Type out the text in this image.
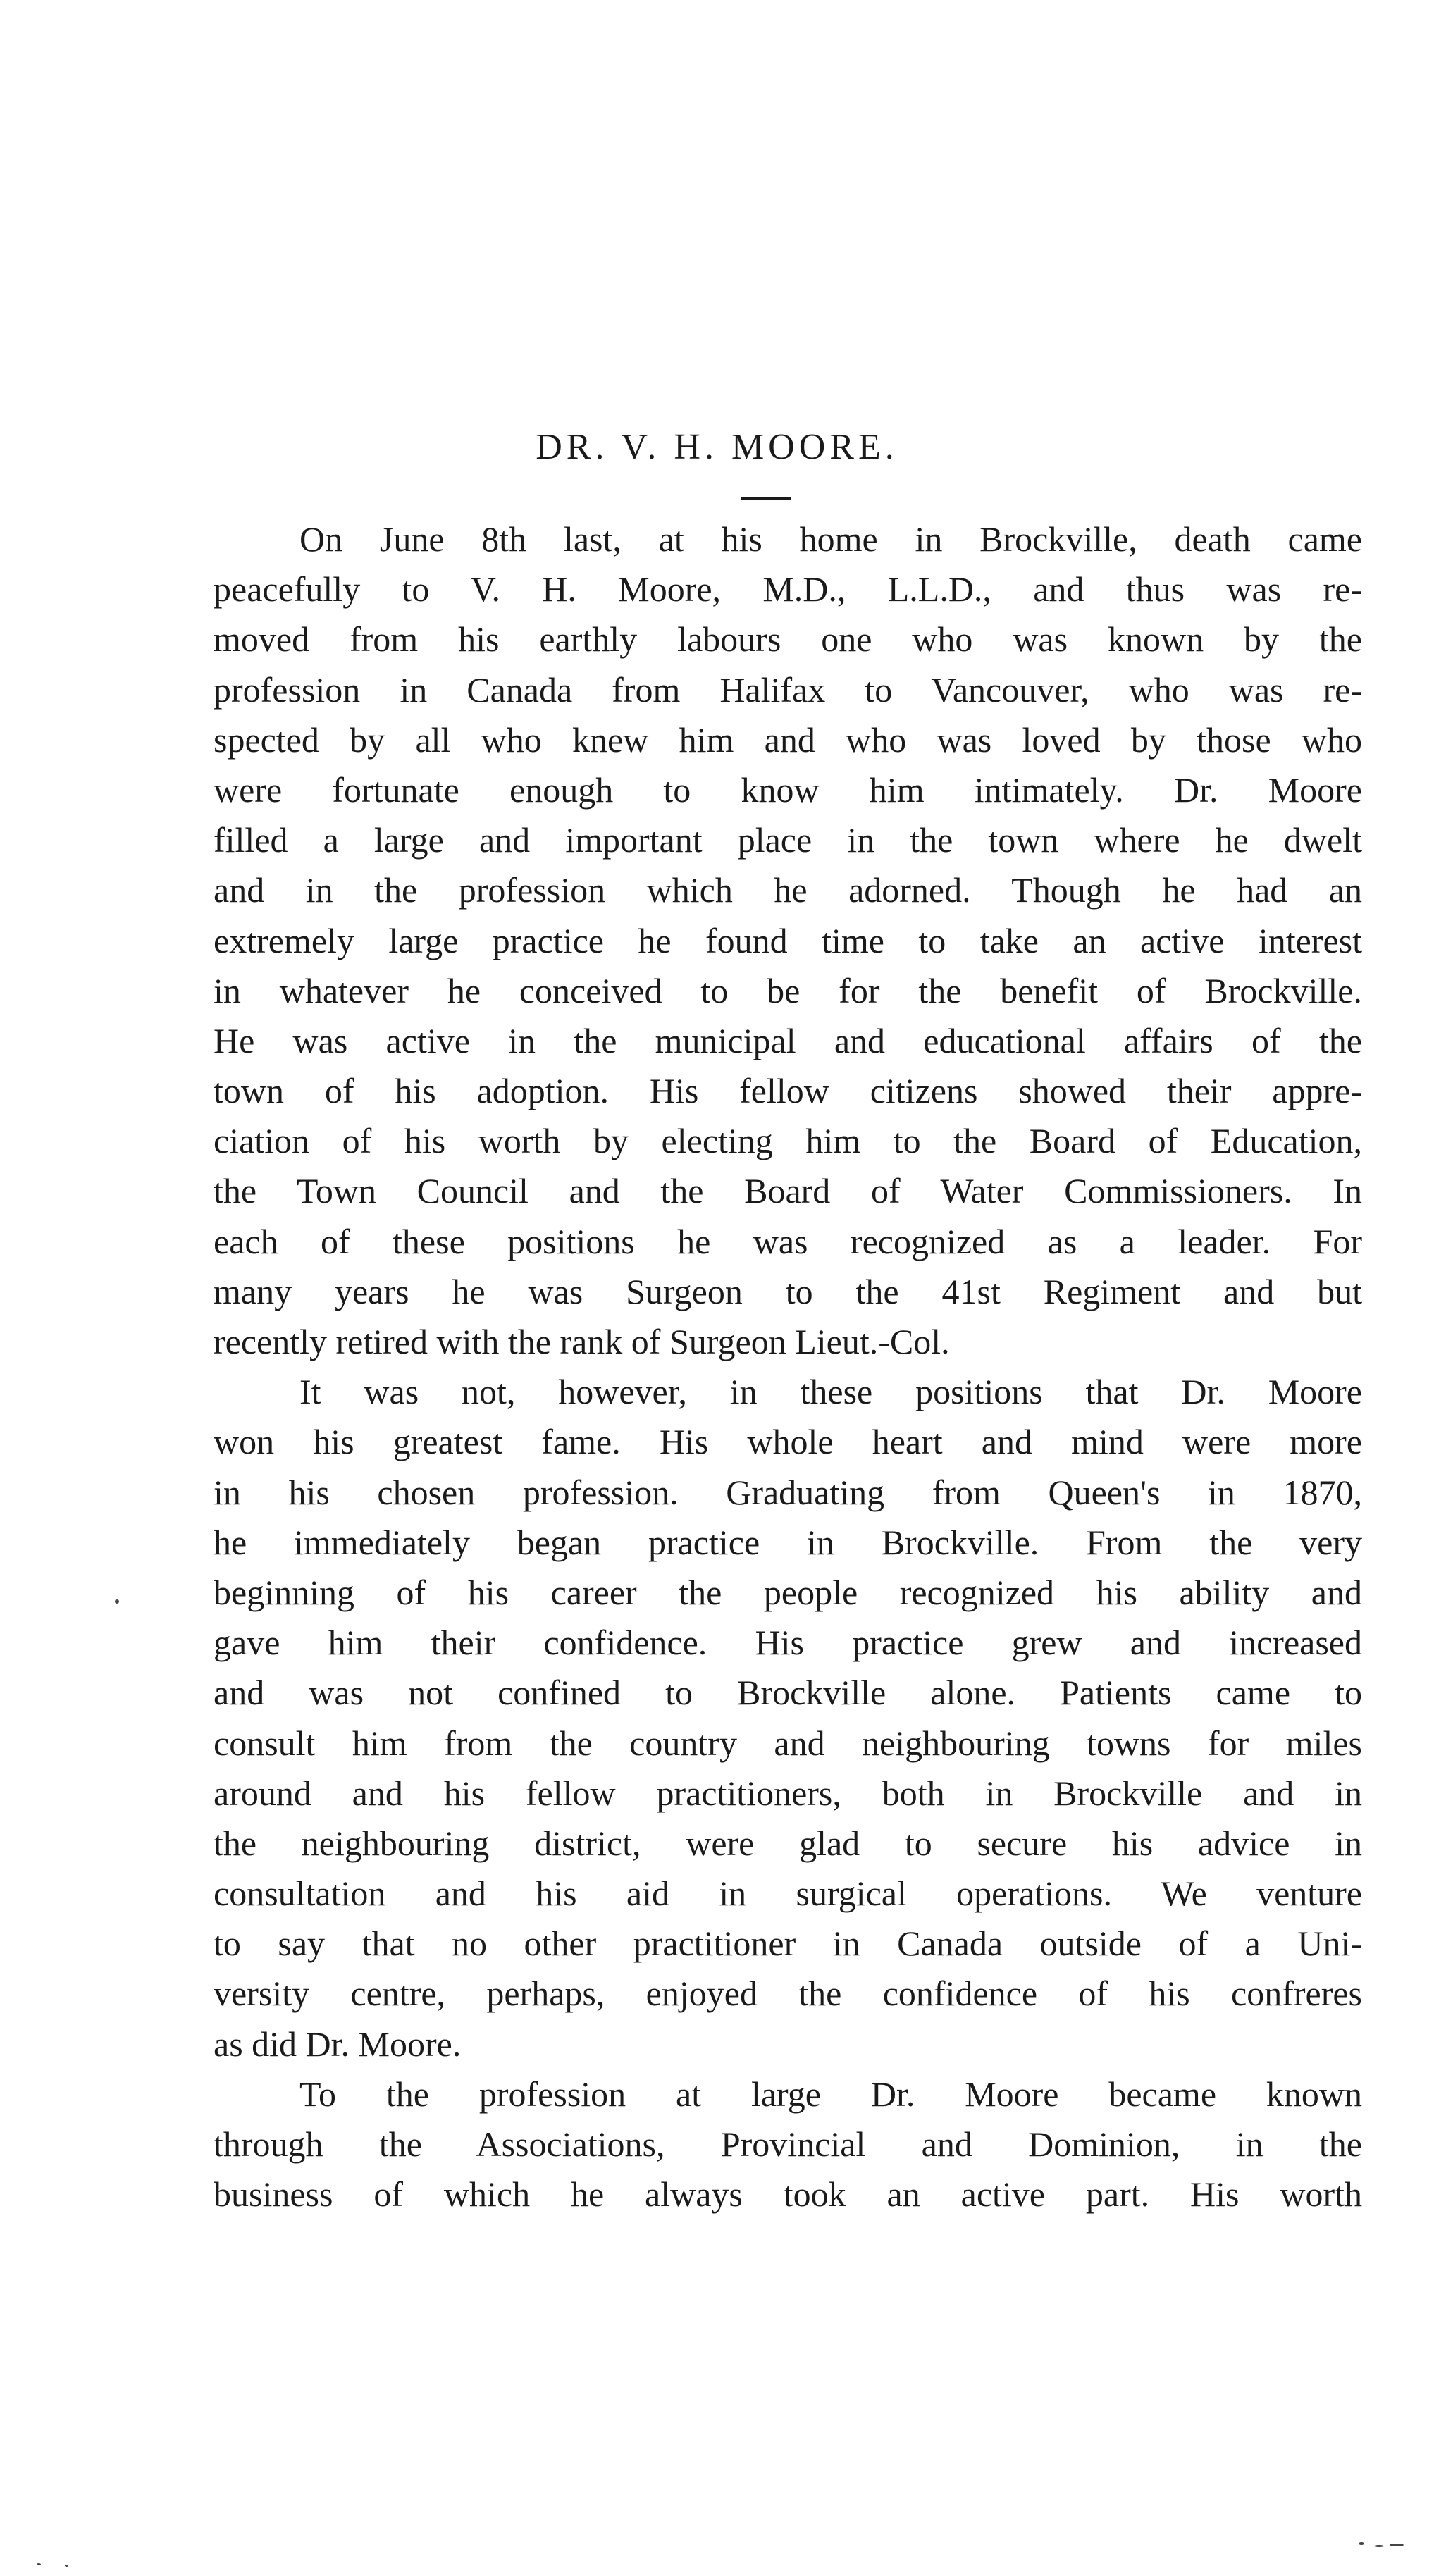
DR. V. H. MOORE.
On June 8th last, at his home in Brockville, death came
peacefully to V. H. Moore, M.D., L.L.D., and thus was re-
moved from his earthly labours one who was known by the
profession in Canada from Halifax to Vancouver, who was re-
spected by all who knew him and who was loved by those who
were fortunate enough to know him intimately. Dr. Moore
filled a large and important place in the town where he dwelt
and in the profession which he adorned. Though he had an
extremely large practice he found time to take an active interest
in whatever he conceived to be for the benefit of Brockville.
He was active in the municipal and educational affairs of the
town of his adoption. His fellow citizens showed their appre-
ciation of his worth by electing him to the Board of Education,
the Town Council and the Board of Water Commissioners. In
each of these positions he was recognized as a leader. For
many years he was Surgeon to the 41st Regiment and but
recently retired with the rank of Surgeon Lieut.-Col.
It was not, however, in these positions that Dr. Moore
won his greatest fame. His whole heart and mind were more
in his chosen profession. Graduating from Queen's in 1870,
he immediately began practice in Brockville. From the very
beginning of his career the people recognized his ability and
gave him their confidence. His practice grew and increased
and was not confined to Brockville alone. Patients came to
consult him from the country and neighbouring towns for miles
around and his fellow practitioners, both in Brockville and in
the neighbouring district, were glad to secure his advice in
consultation and his aid in surgical operations. We venture
to say that no other practitioner in Canada outside of a Uni-
versity centre, perhaps, enjoyed the confidence of his confreres
as did Dr. Moore.
To the profession at large Dr. Moore became known
through the Associations, Provincial and Dominion, in the
business of which he always took an active part. His worth
